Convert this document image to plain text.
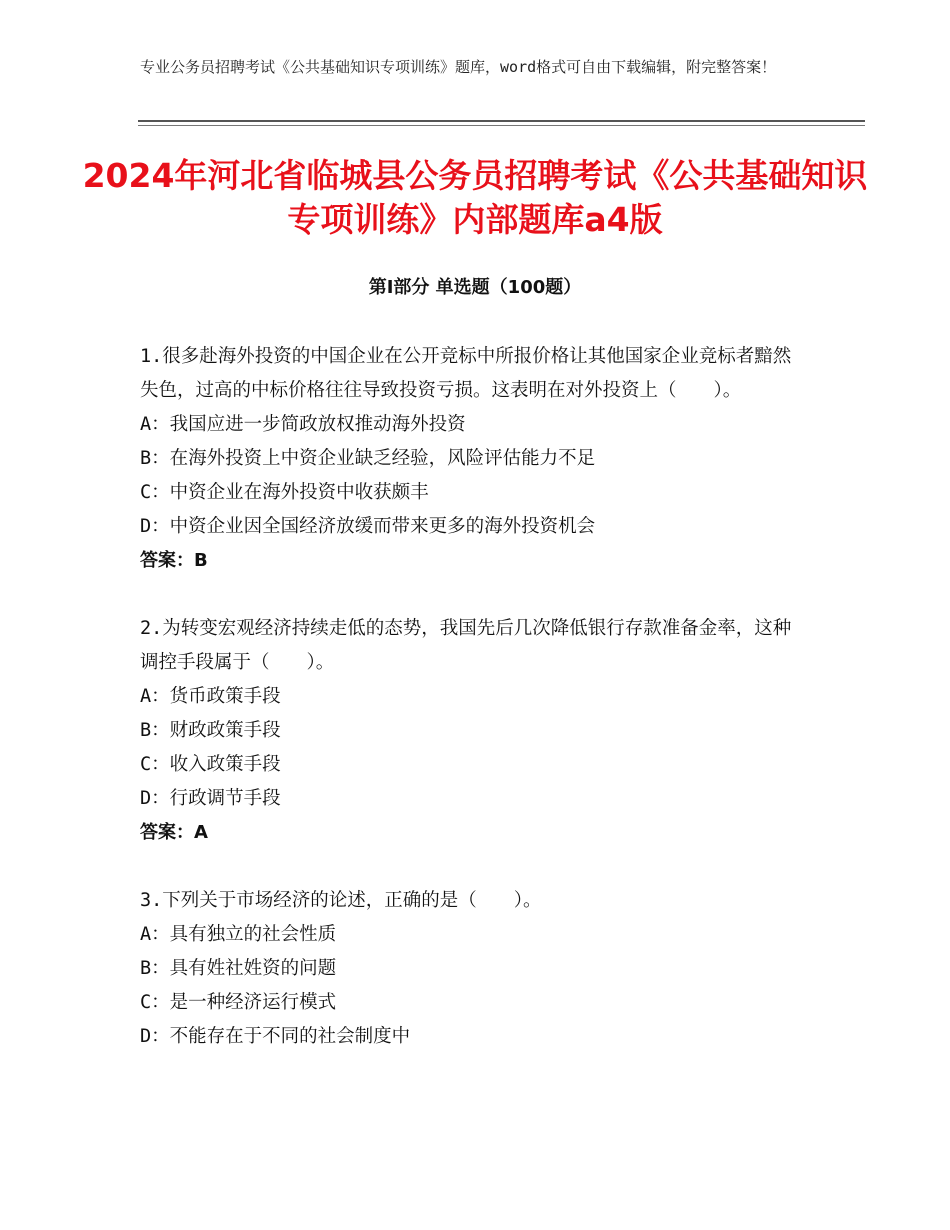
专业公务员招聘考试《公共基础知识专项训练》题库，word格式可自由下载编辑，附完整答案！
2024年河北省临城县公务员招聘考试《公共基础知识专项训练》内部题库a4版
第Ⅰ部分 单选题（100题）

1.很多赴海外投资的中国企业在公开竞标中所报价格让其他国家企业竞标者黯然失色，过高的中标价格往往导致投资亏损。这表明在对外投资上（　　）。

A：我国应进一步简政放权推动海外投资

B：在海外投资上中资企业缺乏经验，风险评估能力不足

C：中资企业在海外投资中收获颇丰

D：中资企业因全国经济放缓而带来更多的海外投资机会

答案：B

2.为转变宏观经济持续走低的态势，我国先后几次降低银行存款准备金率，这种调控手段属于（　　）。

A：货币政策手段

B：财政政策手段

C：收入政策手段

D：行政调节手段

答案：A

3.下列关于市场经济的论述，正确的是（　　）。

A：具有独立的社会性质

B：具有姓社姓资的问题

C：是一种经济运行模式

D：不能存在于不同的社会制度中
